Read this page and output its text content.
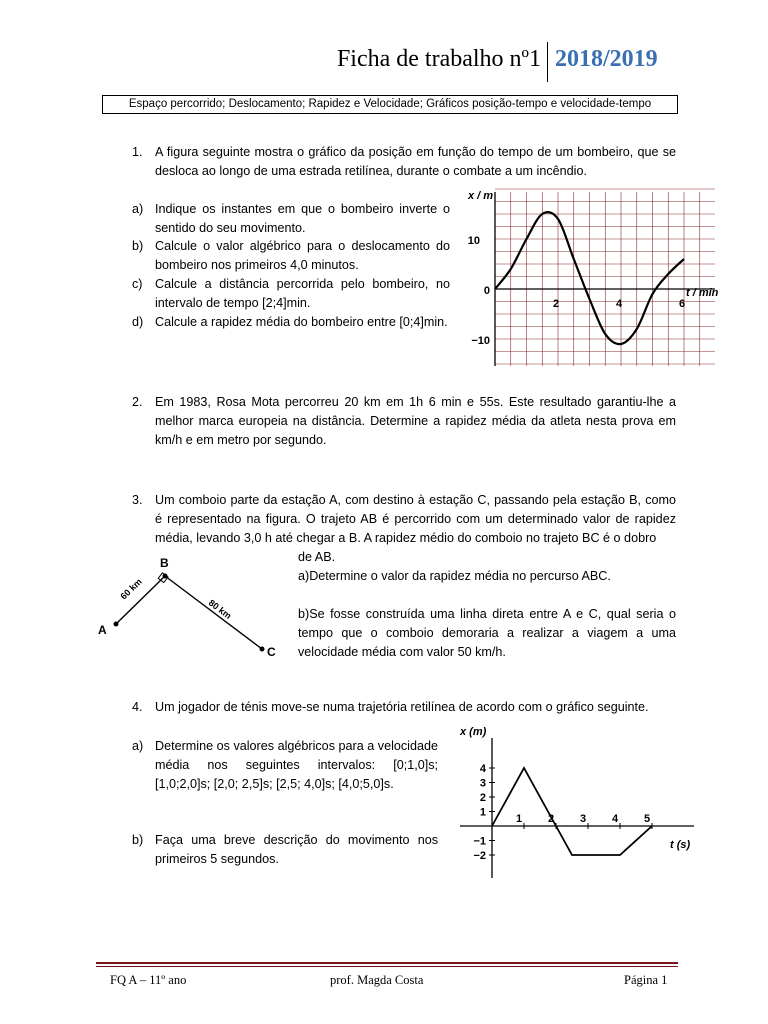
Ficha de trabalho nº1 2018/2019
Espaço percorrido; Deslocamento; Rapidez e Velocidade; Gráficos posição-tempo e velocidade-tempo
1. A figura seguinte mostra o gráfico da posição em função do tempo de um bombeiro, que se desloca ao longo de uma estrada retilínea, durante o combate a um incêndio.
a) Indique os instantes em que o bombeiro inverte o sentido do seu movimento.
b) Calcule o valor algébrico para o deslocamento do bombeiro nos primeiros 4,0 minutos.
c) Calcule a distância percorrida pelo bombeiro, no intervalo de tempo [2;4]min.
d) Calcule a rapidez média do bombeiro entre [0;4]min.
x / m
t / min
10
0
−10
2	4	6
2. Em 1983, Rosa Mota percorreu 20 km em 1h 6 min e 55s. Este resultado garantiu-lhe a melhor marca europeia na distância. Determine a rapidez média da atleta nesta prova em km/h e em metro por segundo.
3. Um comboio parte da estação A, com destino à estação C, passando pela estação B, como é representado na figura. O trajeto AB é percorrido com um determinado valor de rapidez média, levando 3,0 h até chegar a B. A rapidez médio do comboio no trajeto BC é o dobro
de AB.
a)Determine o valor da rapidez média no percurso ABC.
b)Se fosse construída uma linha direta entre A e C, qual seria o tempo que o comboio demoraria a realizar a viagem a uma velocidade média com valor 50 km/h.
A
B
C
60 km
80 km
4. Um jogador de ténis move-se numa trajetória retilínea de acordo com o gráfico seguinte.
a) Determine os valores algébricos para a velocidade média nos seguintes intervalos: [0;1,0]s; [1,0;2,0]s; [2,0; 2,5]s; [2,5; 4,0]s; [4,0;5,0]s.
b) Faça uma breve descrição do movimento nos primeiros 5 segundos.
x (m)
t (s)
4
3
2
1
−1
−2
1 2 3 4 5
FQ A – 11º ano	prof. Magda Costa	Página 1
